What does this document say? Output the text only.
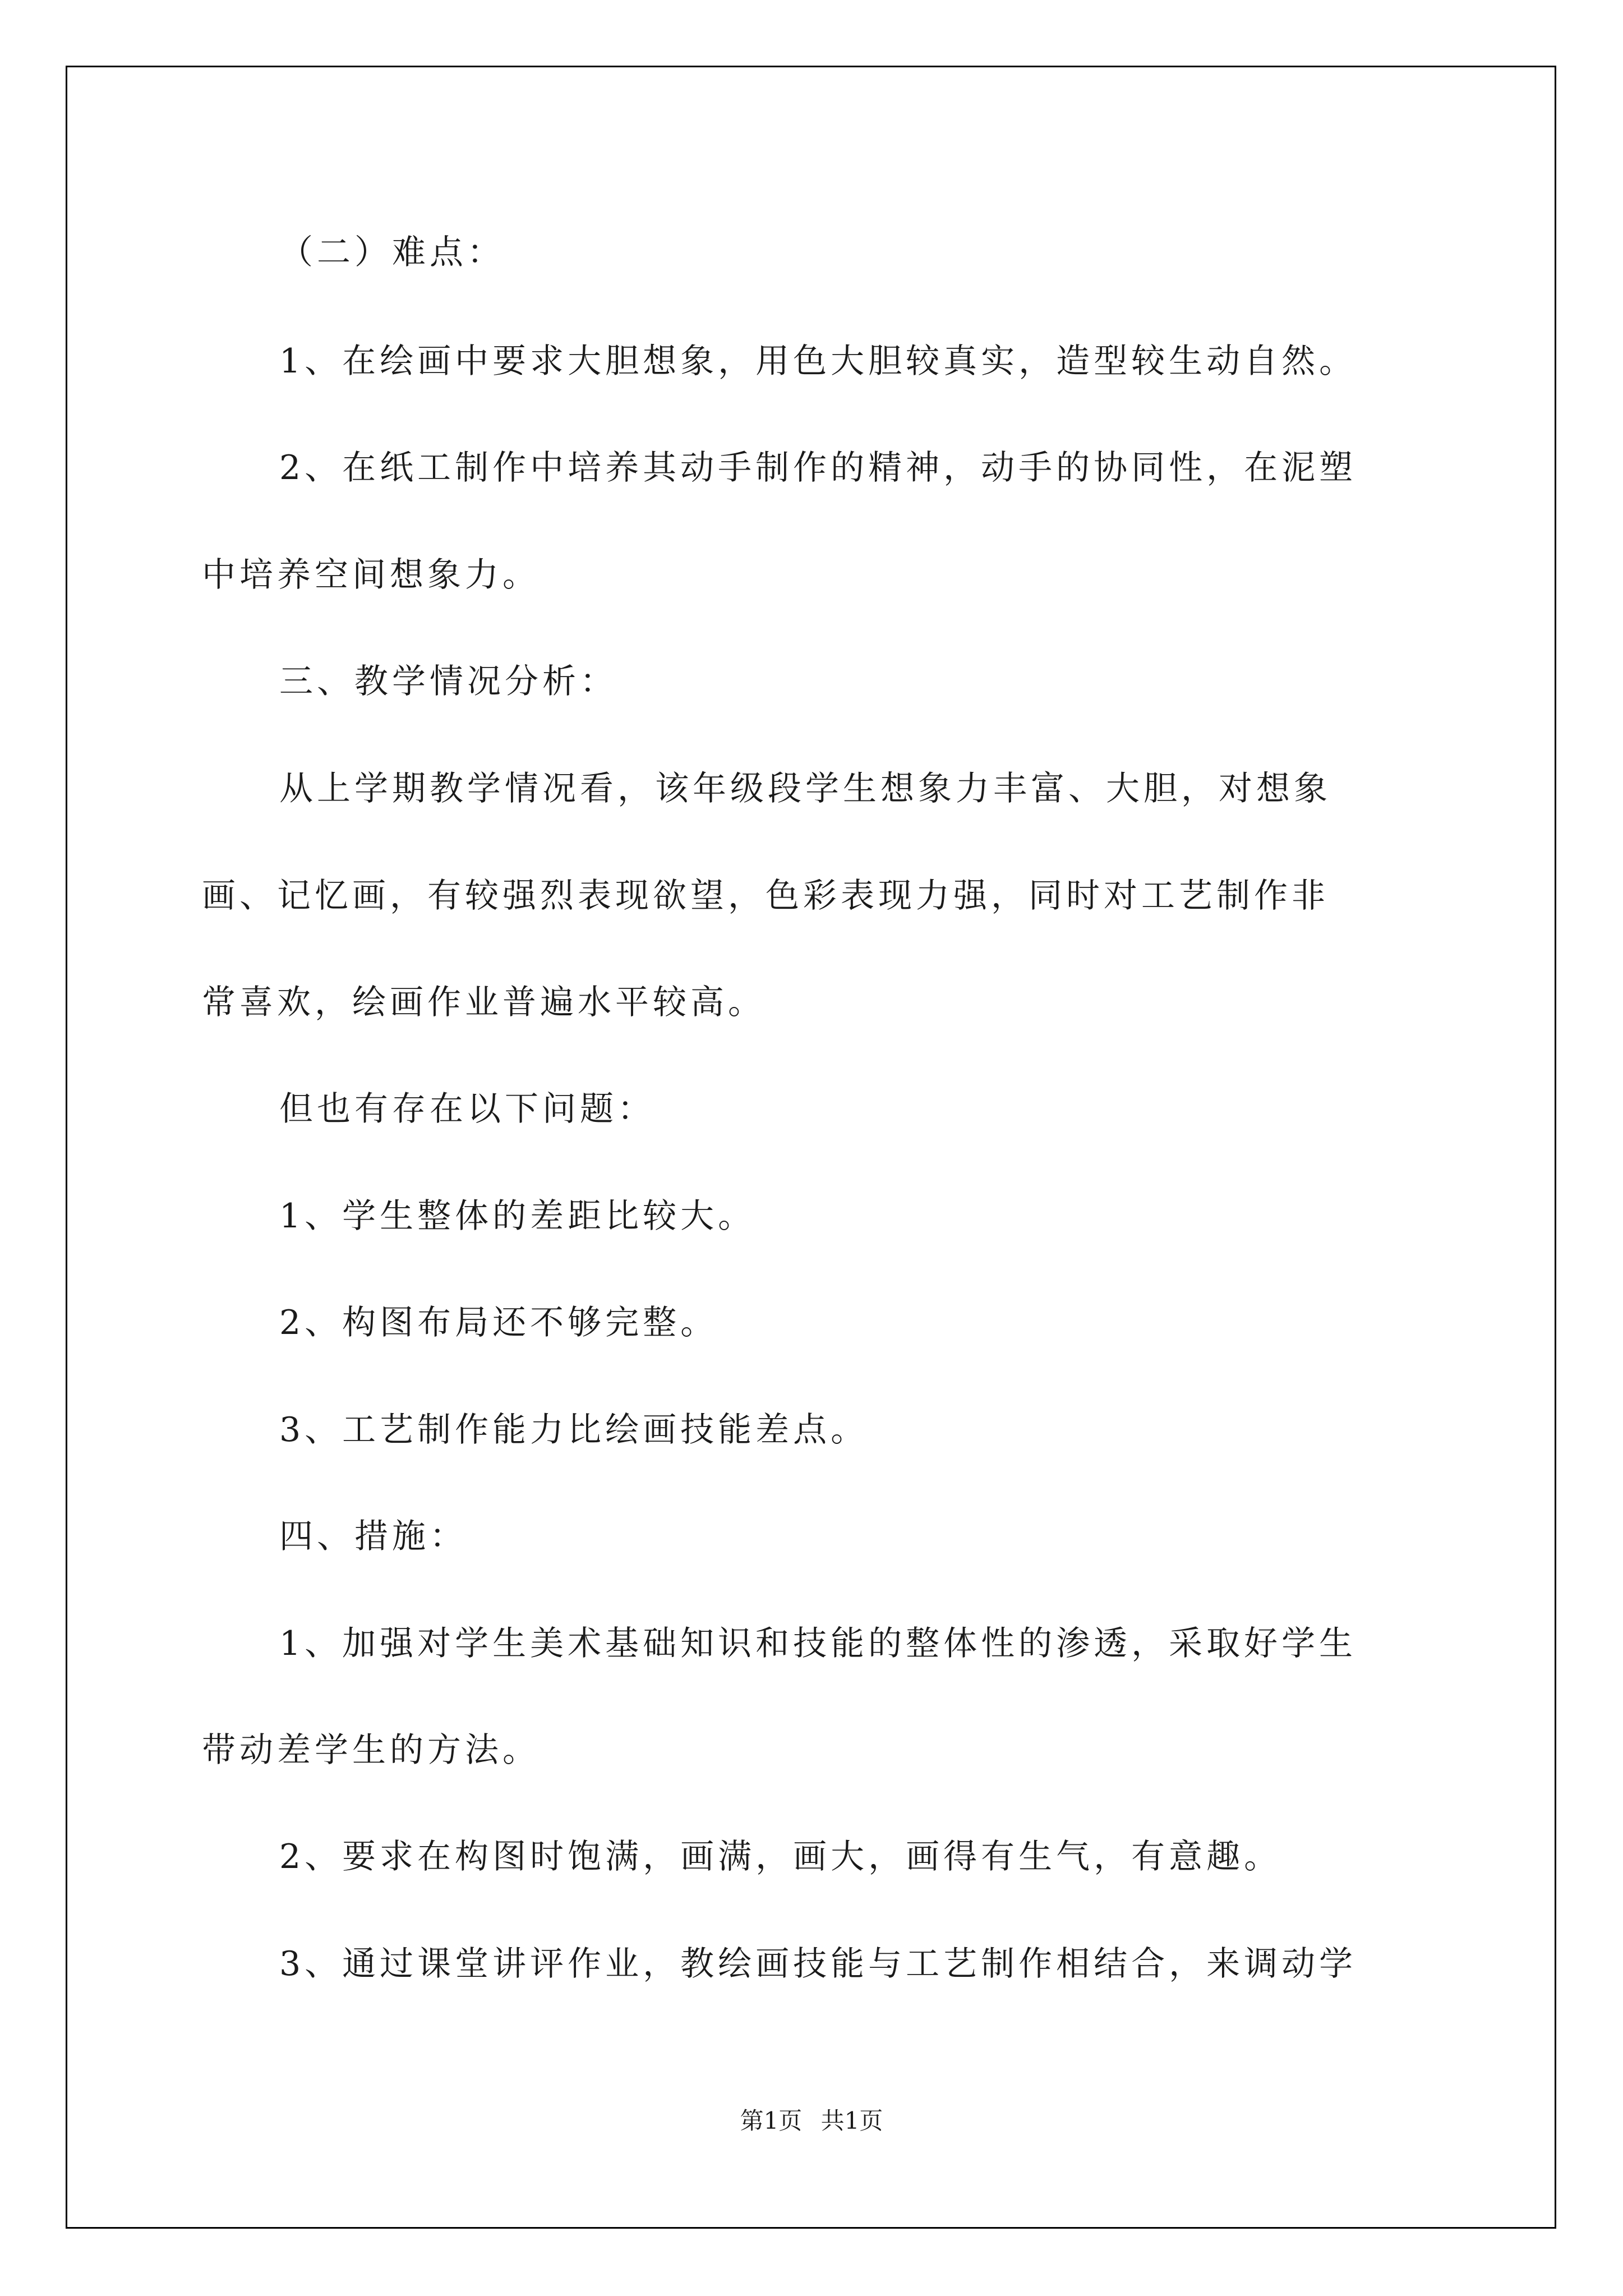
（二）难点：
1、在绘画中要求大胆想象，用色大胆较真实，造型较生动自然。
2、在纸工制作中培养其动手制作的精神，动手的协同性，在泥塑
中培养空间想象力。
三、教学情况分析：
从上学期教学情况看，该年级段学生想象力丰富、大胆，对想象
画、记忆画，有较强烈表现欲望，色彩表现力强，同时对工艺制作非
常喜欢，绘画作业普遍水平较高。
但也有存在以下问题：
1、学生整体的差距比较大。
2、构图布局还不够完整。
3、工艺制作能力比绘画技能差点。
四、措施：
1、加强对学生美术基础知识和技能的整体性的渗透，采取好学生
带动差学生的方法。
2、要求在构图时饱满，画满，画大，画得有生气，有意趣。
3、通过课堂讲评作业，教绘画技能与工艺制作相结合，来调动学
第1页 共1页
